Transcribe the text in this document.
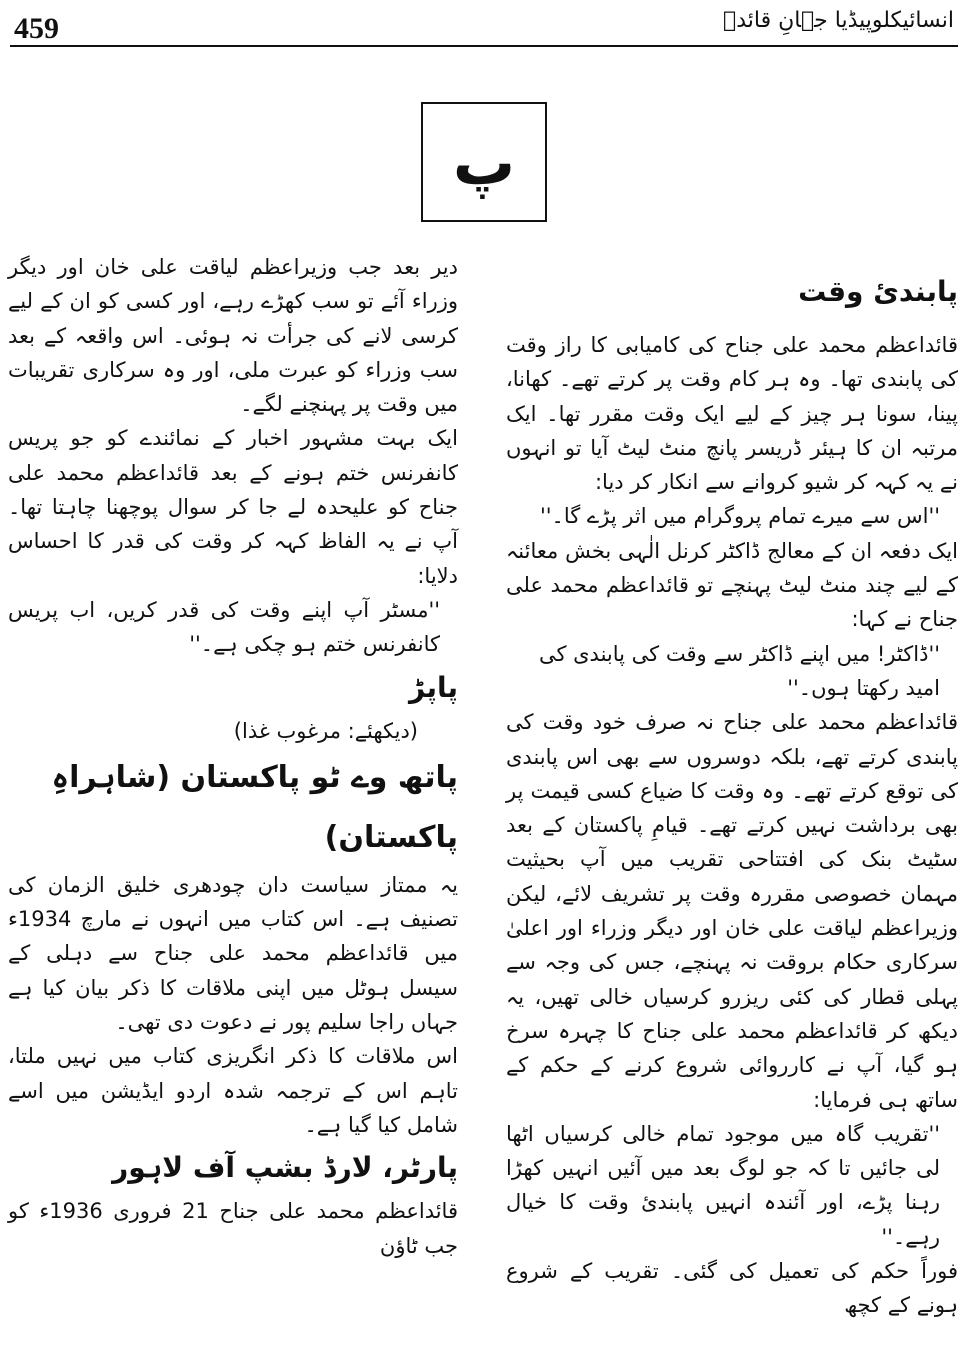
459	انسائیکلوپیڈیا جہانِ قائدؒ
پ
پابندیٔ وقت

قائداعظم محمد علی جناح کی کامیابی کا راز وقت کی پابندی تھا۔ وہ ہر کام وقت پر کرتے تھے۔ کھانا، پینا، سونا ہر چیز کے لیے ایک وقت مقرر تھا۔ ایک مرتبہ ان کا ہیئر ڈریسر پانچ منٹ لیٹ آیا تو انہوں نے یہ کہہ کر شیو کروانے سے انکار کر دیا:

''اس سے میرے تمام پروگرام میں اثر پڑے گا۔''

ایک دفعہ ان کے معالج ڈاکٹر کرنل الٰہی بخش معائنہ کے لیے چند منٹ لیٹ پہنچے تو قائداعظم محمد علی جناح نے کہا:

''ڈاکٹر! میں اپنے ڈاکٹر سے وقت کی پابندی کی امید رکھتا ہوں۔''

قائداعظم محمد علی جناح نہ صرف خود وقت کی پابندی کرتے تھے، بلکہ دوسروں سے بھی اس پابندی کی توقع کرتے تھے۔ وہ وقت کا ضیاع کسی قیمت پر بھی برداشت نہیں کرتے تھے۔ قیامِ پاکستان کے بعد سٹیٹ بنک کی افتتاحی تقریب میں آپ بحیثیت مہمان خصوصی مقررہ وقت پر تشریف لائے، لیکن وزیراعظم لیاقت علی خان اور دیگر وزراء اور اعلیٰ سرکاری حکام بروقت نہ پہنچے، جس کی وجہ سے پہلی قطار کی کئی ریزرو کرسیاں خالی تھیں، یہ دیکھ کر قائداعظم محمد علی جناح کا چہرہ سرخ ہو گیا، آپ نے کارروائی شروع کرنے کے حکم کے ساتھ ہی فرمایا:

''تقریب گاہ میں موجود تمام خالی کرسیاں اٹھا لی جائیں تا کہ جو لوگ بعد میں آئیں انہیں کھڑا رہنا پڑے، اور آئندہ انہیں پابندیٔ وقت کا خیال رہے۔''

فوراً حکم کی تعمیل کی گئی۔ تقریب کے شروع ہونے کے کچھ

دیر بعد جب وزیراعظم لیاقت علی خان اور دیگر وزراء آئے تو سب کھڑے رہے، اور کسی کو ان کے لیے کرسی لانے کی جرأت نہ ہوئی۔ اس واقعہ کے بعد سب وزراء کو عبرت ملی، اور وہ سرکاری تقریبات میں وقت پر پہنچنے لگے۔

ایک بہت مشہور اخبار کے نمائندے کو جو پریس کانفرنس ختم ہونے کے بعد قائداعظم محمد علی جناح کو علیحدہ لے جا کر سوال پوچھنا چاہتا تھا۔ آپ نے یہ الفاظ کہہ کر وقت کی قدر کا احساس دلایا:

''مسٹر آپ اپنے وقت کی قدر کریں، اب پریس کانفرنس ختم ہو چکی ہے۔''

پاپڑ

(دیکھئے: مرغوب غذا)

پاتھ وے ٹو پاکستان (شاہراہِ پاکستان)

یہ ممتاز سیاست دان چودھری خلیق الزمان کی تصنیف ہے۔ اس کتاب میں انہوں نے مارچ 1934ء میں قائداعظم محمد علی جناح سے دہلی کے سیسل ہوٹل میں اپنی ملاقات کا ذکر بیان کیا ہے جہاں راجا سلیم پور نے دعوت دی تھی۔

اس ملاقات کا ذکر انگریزی کتاب میں نہیں ملتا، تاہم اس کے ترجمہ شدہ اردو ایڈیشن میں اسے شامل کیا گیا ہے۔

پارٹر، لارڈ بشپ آف لاہور

قائداعظم محمد علی جناح 21 فروری 1936ء کو جب ٹاؤن
